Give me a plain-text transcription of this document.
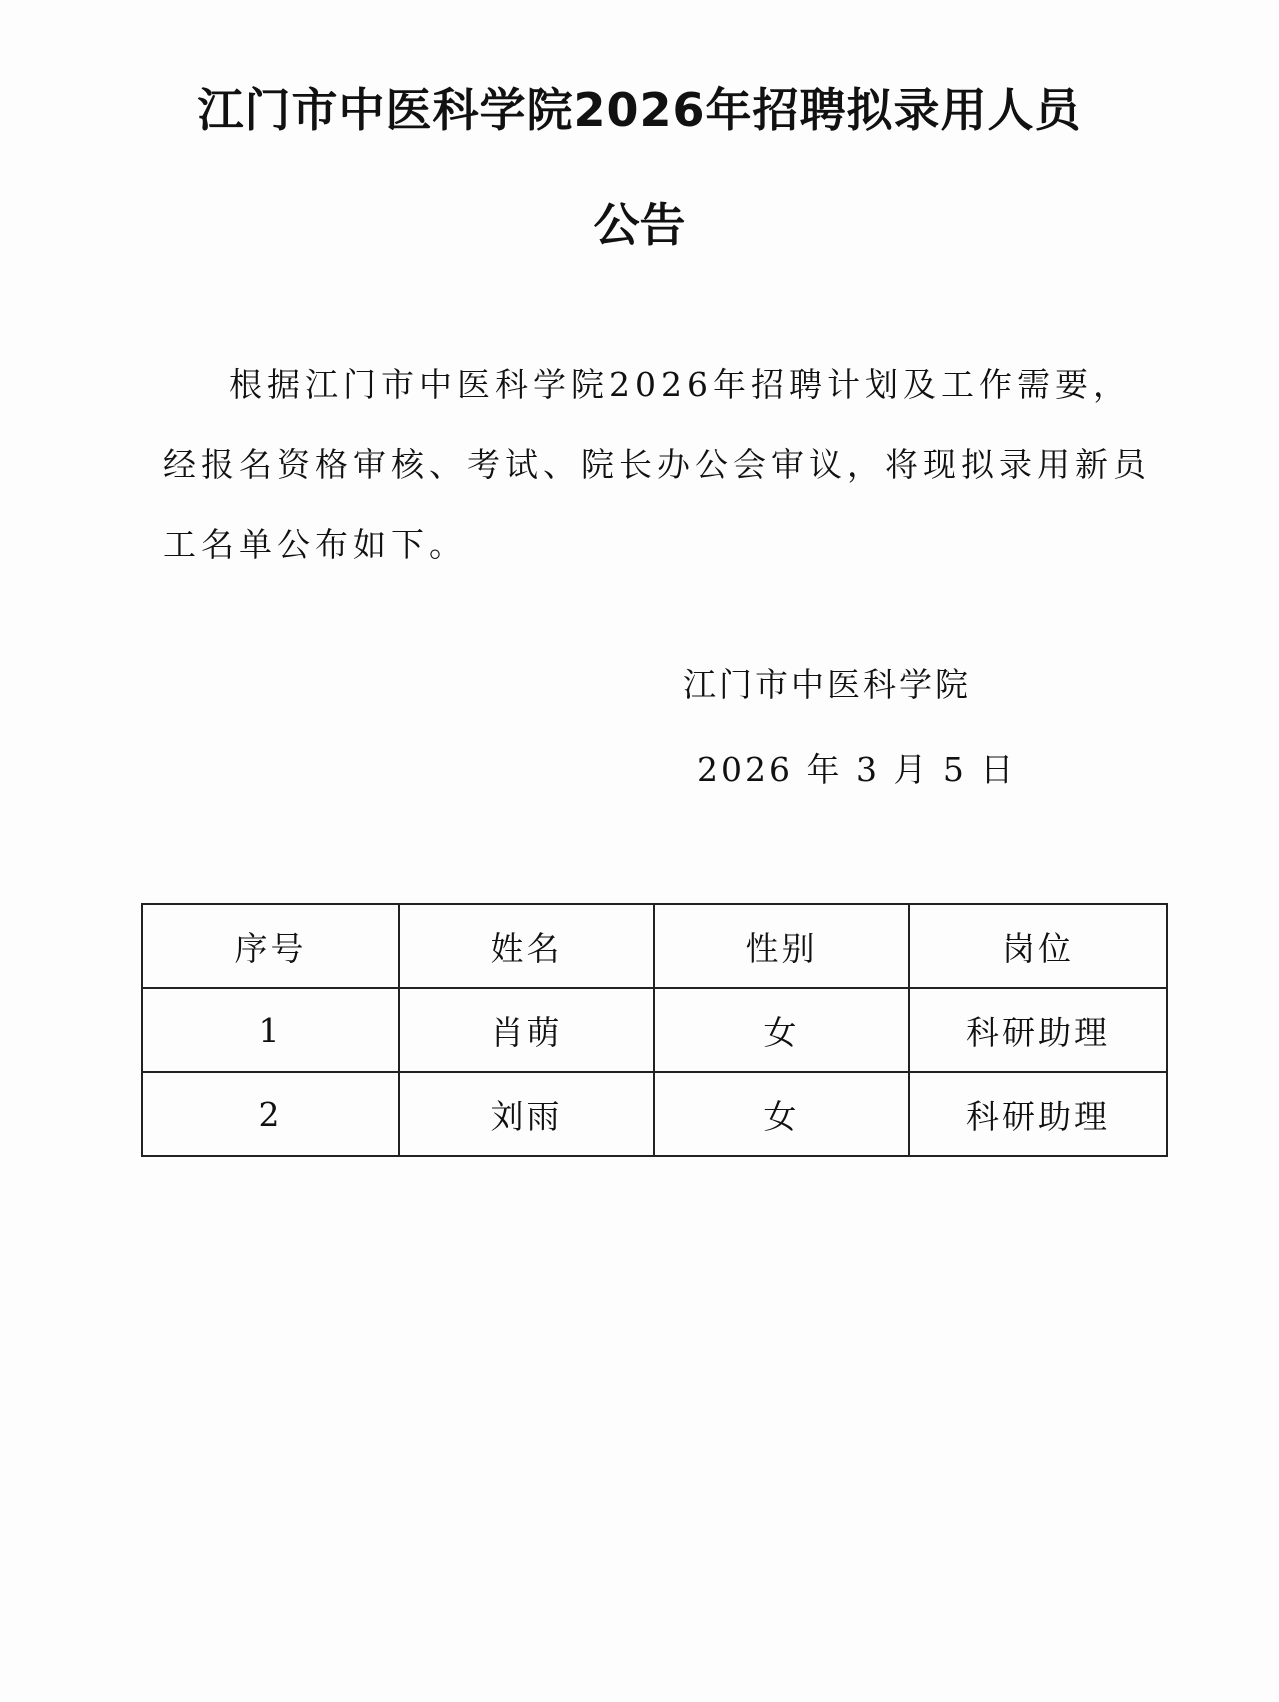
江门市中医科学院2026年招聘拟录用人员
公告

根据江门市中医科学院2026年招聘计划及工作需要，经报名资格审核、考试、院长办公会审议，将现拟录用新员工名单公布如下。

江门市中医科学院
2026 年 3 月 5 日
序号	姓名	性别	岗位
1	肖萌	女	科研助理
2	刘雨	女	科研助理
